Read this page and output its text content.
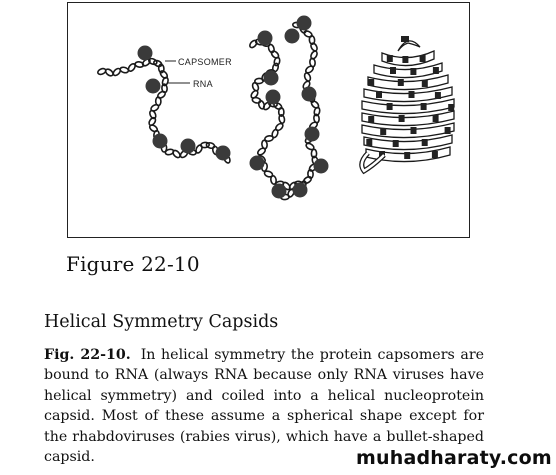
CAPSOMER
RNA
Figure 22-10
Helical Symmetry Capsids
Fig. 22-10. In helical symmetry the protein capsomers are bound to RNA (always RNA because only RNA viruses have helical symmetry) and coiled into a helical nucleoprotein capsid. Most of these assume a spherical shape except for the rhabdoviruses (rabies virus), which have a bullet-shaped capsid.	muhadharaty.com
